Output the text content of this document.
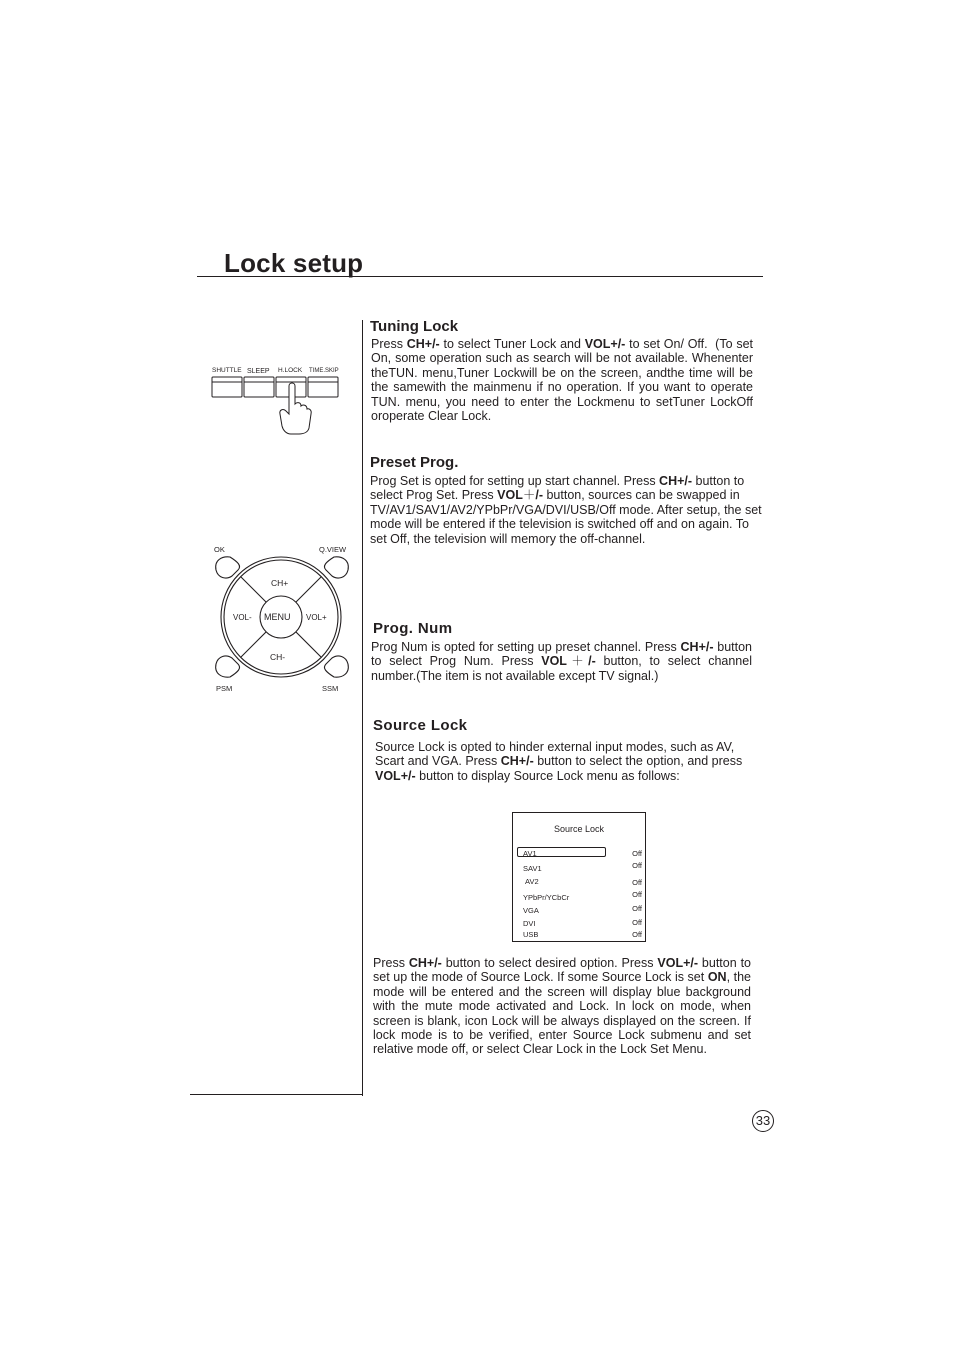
Lock setup
SHUTTLE SLEEP H.LOCK TIME.SKIP
OK	Q.VIEW
PSM	SSM
CH+
CH-
VOL-	VOL+
MENU
Tuning Lock

Press CH+/- to select Tuner Lock and VOL+/- to set On/ Off.  (To set On, some operation such as search will be not available. Whenenter theTUN. menu,Tuner Lockwill be on the screen, andthe time will be the samewith the mainmenu if no operation. If you want to operate TUN. menu, you need to enter the Lockmenu to setTuner LockOff oroperate Clear Lock.

Preset Prog.

Prog Set is opted for setting up start channel. Press CH+/- button to select Prog Set. Press VOL＋/- button, sources can be swapped in TV/AV1/SAV1/AV2/YPbPr/VGA/DVI/USB/Off mode. After setup, the set mode will be entered if the television is switched off and on again. To set Off, the television will memory the off-channel.

Prog. Num

Prog Num is opted for setting up preset channel. Press CH+/- button to select Prog Num. Press VOL＋/- button, to select channel number.(The item is not available except TV signal.)

Source Lock

Source Lock is opted to hinder external input modes, such as AV, Scart and VGA. Press CH+/- button to select the option, and press VOL+/- button to display Source Lock menu as follows:

Source Lock
AV1	Off
SAV1	Off
AV2	Off
YPbPr/YCbCr	Off
VGA	Off
DVI	Off
USB	Off

Press CH+/- button to select desired option. Press VOL+/- button to set up the mode of Source Lock. If some Source Lock is set ON, the mode will be entered and the screen will display blue background with the mute mode activated and Lock. In lock on mode, when screen is blank, icon Lock will be always displayed on the screen. If lock mode is to be verified, enter Source Lock submenu and set relative mode off, or select Clear Lock in the Lock Set Menu.

33
